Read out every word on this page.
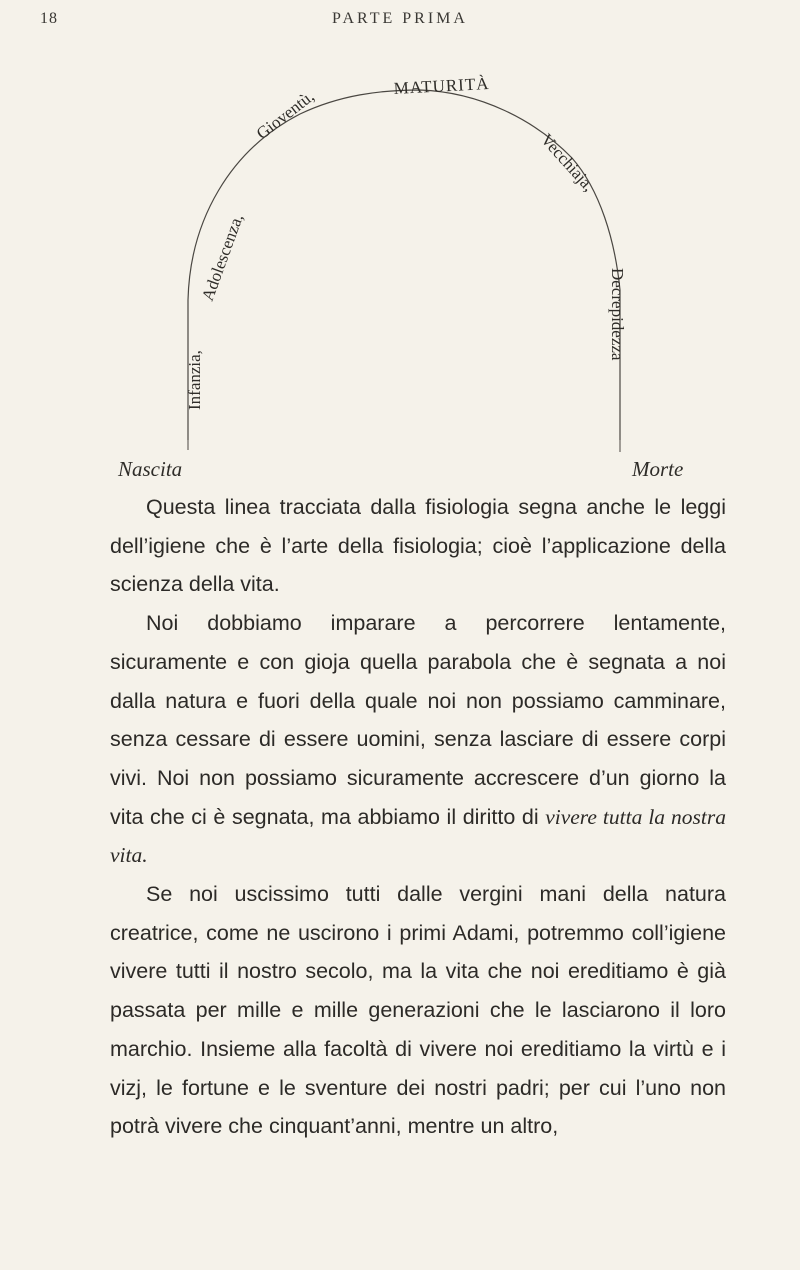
18	PARTE PRIMA
MATURITÀ
Gioventù,
Adolescenza,
Infanzia,
Vecchiaja,
Decrepidezza
Nascita	Morte

Questa linea tracciata dalla fisiologia segna anche le leggi dell’igiene che è l’arte della fisiologia; cioè l’applicazione della scienza della vita.

Noi dobbiamo imparare a percorrere lentamente, sicuramente e con gioja quella parabola che è segnata a noi dalla natura e fuori della quale noi non possiamo camminare, senza cessare di essere uomini, senza lasciare di essere corpi vivi. Noi non possiamo sicuramente accrescere d’un giorno la vita che ci è segnata, ma abbiamo il diritto di vivere tutta la nostra vita.

Se noi uscissimo tutti dalle vergini mani della natura creatrice, come ne uscirono i primi Adami, potremmo coll’igiene vivere tutti il nostro secolo, ma la vita che noi ereditiamo è già passata per mille e mille generazioni che le lasciarono il loro marchio. Insieme alla facoltà di vivere noi ereditiamo la virtù e i vizj, le fortune e le sventure dei nostri padri; per cui l’uno non potrà vivere che cinquant’anni, mentre un altro,
